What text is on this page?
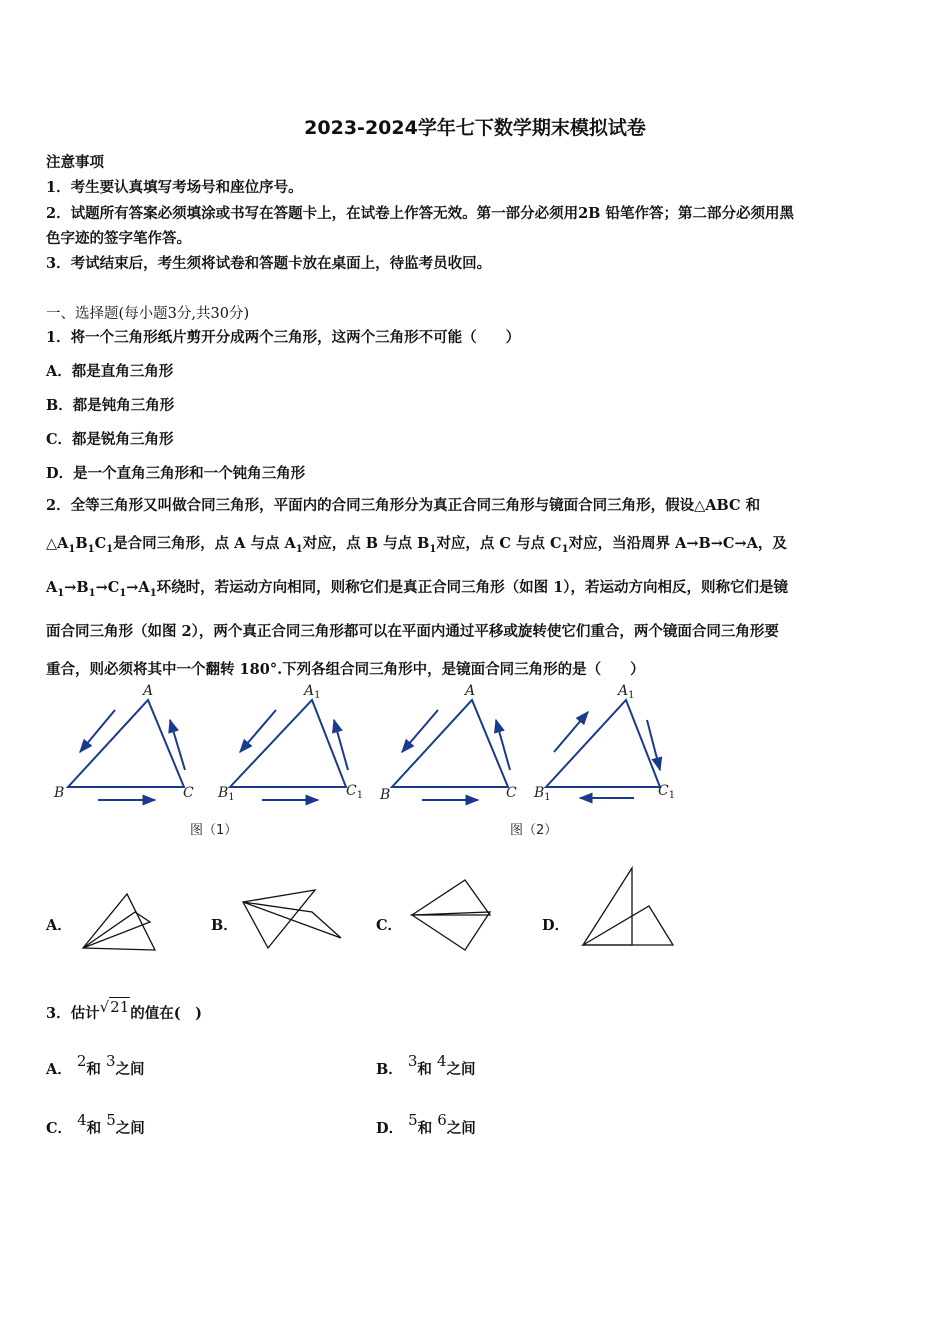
2023-2024学年七下数学期末模拟试卷
注意事项
1．考生要认真填写考场号和座位序号。
2．试题所有答案必须填涂或书写在答题卡上，在试卷上作答无效。第一部分必须用2B 铅笔作答；第二部分必须用黑
色字迹的签字笔作答。
3．考试结束后，考生须将试卷和答题卡放在桌面上，待监考员收回。
一、选择题(每小题3分,共30分)
1．将一个三角形纸片剪开分成两个三角形，这两个三角形不可能（　　）
A．都是直角三角形
B．都是钝角三角形
C．都是锐角三角形
D．是一个直角三角形和一个钝角三角形
2．全等三角形又叫做合同三角形，平面内的合同三角形分为真正合同三角形与镜面合同三角形，假设△ABC 和
$\triangle A_1B_1C_1$是合同三角形，点 A 与点 $A_1$对应，点 B 与点 $B_1$对应，点 C 与点 $C_1$对应，当沿周界 A→B→C→A，及
$A_1\to B_1\to C_1\to A_1$环绕时，若运动方向相同，则称它们是真正合同三角形（如图 1），若运动方向相反，则称它们是镜
面合同三角形（如图 2），两个真正合同三角形都可以在平面内通过平移或旋转使它们重合，两个镜面合同三角形要
重合，则必须将其中一个翻转 180°.下列各组合同三角形中，是镜面合同三角形的是（　　）
A
B	C
$A_1$
$B_1$	$C_1$
A
B	C
$A_1$
$B_1$	$C_1$
图（1）	图（2）
A．	B．	C．	D．
3．估计√21的值在(　)
A． 2和 3之间	B． 3和 4之间
C． 4和 5之间	D． 5和 6之间
